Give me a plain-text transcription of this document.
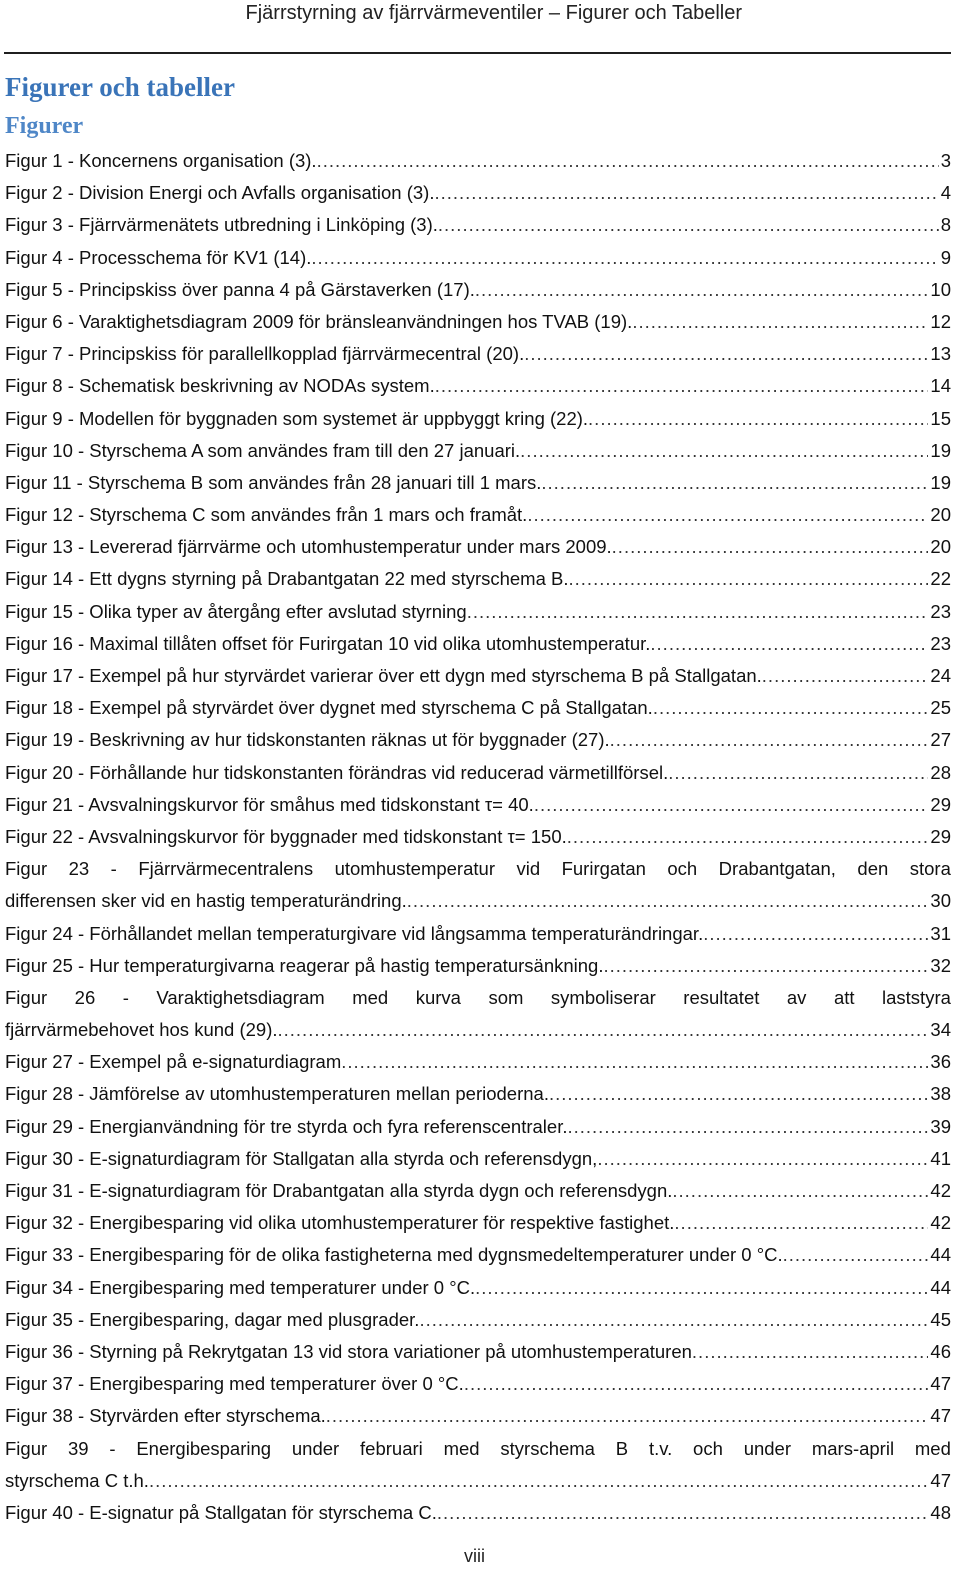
Fjärrstyrning av fjärrvärmeventiler – Figurer och Tabeller
Figurer och tabeller
Figurer
Figur 1 - Koncernens organisation (3). .....	3
Figur 2 - Division Energi och Avfalls organisation (3). .....	4
Figur 3 - Fjärrvärmenätets utbredning i Linköping (3). .....	8
Figur 4 - Processchema för KV1 (14). .....	9
Figur 5 - Principskiss över panna 4 på Gärstaverken (17). .....	10
Figur 6 - Varaktighetsdiagram 2009 för bränsleanvändningen hos TVAB (19). .....	12
Figur 7 - Principskiss för parallellkopplad fjärrvärmecentral (20). .....	13
Figur 8 - Schematisk beskrivning av NODAs system. .....	14
Figur 9 - Modellen för byggnaden som systemet är uppbyggt kring (22). .....	15
Figur 10 - Styrschema A som användes fram till den 27 januari. .....	19
Figur 11 - Styrschema B som användes från 28 januari till 1 mars. .....	19
Figur 12 - Styrschema C som användes från 1 mars och framåt. .....	20
Figur 13 - Levererad fjärrvärme och utomhustemperatur under mars 2009. .....	20
Figur 14 - Ett dygns styrning på Drabantgatan 22 med styrschema B. .....	22
Figur 15 - Olika typer av återgång efter avslutad styrning .....	23
Figur 16 - Maximal tillåten offset för Furirgatan 10 vid olika utomhustemperatur. .....	23
Figur 17 - Exempel på hur styrvärdet varierar över ett dygn med styrschema B på Stallgatan. .....	24
Figur 18 - Exempel på styrvärdet över dygnet med styrschema C på Stallgatan. .....	25
Figur 19 - Beskrivning av hur tidskonstanten räknas ut för byggnader (27). .....	27
Figur 20 - Förhållande hur tidskonstanten förändras vid reducerad värmetillförsel. .....	28
Figur 21 - Avsvalningskurvor för småhus med tidskonstant τ= 40. .....	29
Figur 22 - Avsvalningskurvor för byggnader med tidskonstant τ= 150. .....	29
Figur 23 - Fjärrvärmecentralens utomhustemperatur vid Furirgatan och Drabantgatan, den stora
differensen sker vid en hastig temperaturändring. .....	30
Figur 24 - Förhållandet mellan temperaturgivare vid långsamma temperaturändringar. .....	31
Figur 25 - Hur temperaturgivarna reagerar på hastig temperatursänkning. .....	32
Figur 26 - Varaktighetsdiagram med kurva som symboliserar resultatet av att laststyra
fjärrvärmebehovet hos kund (29). .....	34
Figur 27 - Exempel på e-signaturdiagram .....	36
Figur 28 - Jämförelse av utomhustemperaturen mellan perioderna. .....	38
Figur 29 - Energianvändning för tre styrda och fyra referenscentraler. .....	39
Figur 30 - E-signaturdiagram för Stallgatan alla styrda och referensdygn, .....	41
Figur 31 - E-signaturdiagram för Drabantgatan alla styrda dygn och referensdygn. .....	42
Figur 32 - Energibesparing vid olika utomhustemperaturer för respektive fastighet. .....	42
Figur 33 - Energibesparing för de olika fastigheterna med dygnsmedeltemperaturer under 0 °C. .....	44
Figur 34 - Energibesparing med temperaturer under 0 °C. .....	44
Figur 35 - Energibesparing, dagar med plusgrader. .....	45
Figur 36 - Styrning på Rekrytgatan 13 vid stora variationer på utomhustemperaturen .....	46
Figur 37 - Energibesparing med temperaturer över 0 °C. .....	47
Figur 38 - Styrvärden efter styrschema. .....	47
Figur 39 - Energibesparing under februari med styrschema B t.v. och under mars-april med
styrschema C t.h. .....	47
Figur 40 - E-signatur på Stallgatan för styrschema C. .....	48
viii
